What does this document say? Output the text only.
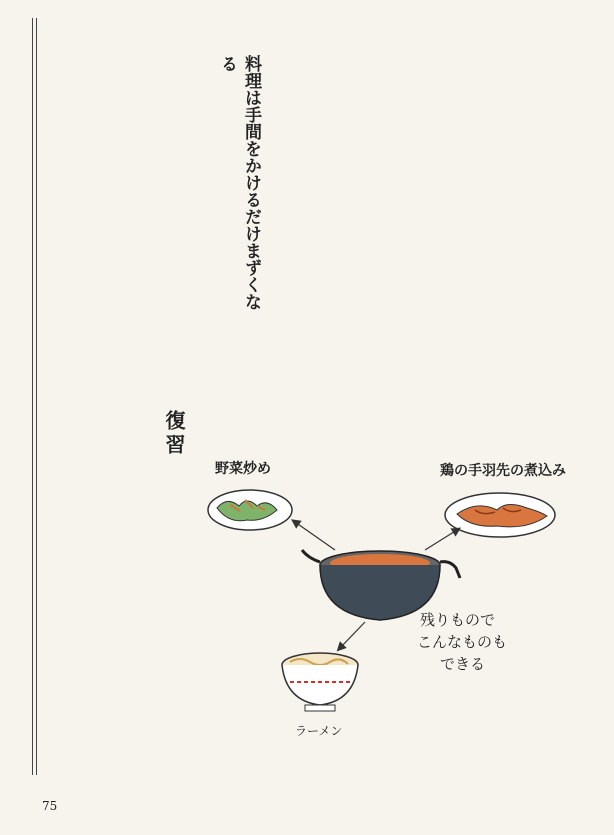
料理は手間をかけるだけまずくなる
復習
野菜炒め	鶏の手羽先の煮込み
ラーメン
残りもので
こんなものも
できる
75
